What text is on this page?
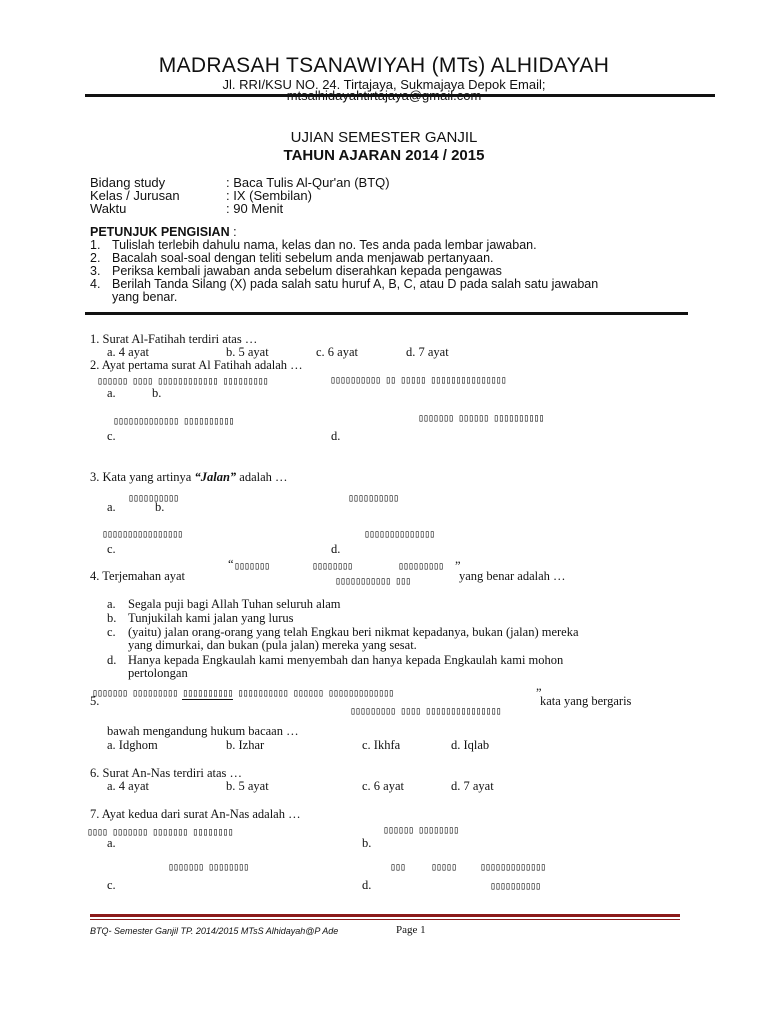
MADRASAH TSANAWIYAH (MTs) ALHIDAYAH
Jl. RRI/KSU NO. 24. Tirtajaya, Sukmajaya Depok Email;
UJIAN SEMESTER GANJIL
TAHUN AJARAN 2014 / 2015
Bidang study	: Baca Tulis Al-Qur'an (BTQ)
Kelas / Jurusan	: IX (Sembilan)
Waktu	: 90 Menit
PETUNJUK PENGISIAN :
1. Tulislah terlebih dahulu nama, kelas dan no. Tes anda pada lembar jawaban.
2. Bacalah soal-soal dengan teliti sebelum anda menjawab pertanyaan.
3. Periksa kembali jawaban anda sebelum diserahkan kepada pengawas
4. Berilah Tanda Silang (X) pada salah satu huruf A, B, C, atau D pada salah satu jawaban
yang benar.
1. Surat Al-Fatihah terdiri atas …
a. 4 ayat	b. 5 ayat	c. 6 ayat	d. 7 ayat
2. Ayat pertama surat Al Fatihah adalah …
▯▯▯▯▯▯ ▯▯▯▯ ▯▯▯▯▯▯▯▯▯▯▯▯ ▯▯▯▯▯▯▯▯▯	▯▯▯▯▯▯▯▯▯▯ ▯▯ ▯▯▯▯▯ ▯▯▯▯▯▯▯▯▯▯▯▯▯▯▯
a.	b.
▯▯▯▯▯▯▯▯▯▯▯▯▯ ▯▯▯▯▯▯▯▯▯▯	▯▯▯▯▯▯▯ ▯▯▯▯▯▯ ▯▯▯▯▯▯▯▯▯▯
c.	d.
3. Kata yang artinya “Jalan” adalah …
▯▯▯▯▯▯▯▯▯▯	▯▯▯▯▯▯▯▯▯▯
a.	b.
▯▯▯▯▯▯▯▯▯▯▯▯▯▯▯▯	▯▯▯▯▯▯▯▯▯▯▯▯▯▯
c.	d.
4. Terjemahan ayat
“ ▯▯▯▯▯▯▯	▯▯▯▯▯▯▯▯	▯▯▯▯▯▯▯▯▯ ”
▯▯▯▯▯▯▯▯▯▯▯ ▯▯▯	yang benar adalah …
a. Segala puji bagi Allah Tuhan seluruh alam
b. Tunjukilah kami jalan yang lurus
c. (yaitu) jalan orang-orang yang telah Engkau beri nikmat kepadanya, bukan (jalan) mereka
yang dimurkai, dan bukan (pula jalan) mereka yang sesat.
d. Hanya kepada Engkaulah kami menyembah dan hanya kepada Engkaulah kami mohon
pertolongan
▯▯▯▯▯▯▯ ▯▯▯▯▯▯▯▯▯ ▯▯▯▯▯▯▯▯▯▯ ▯▯▯▯▯▯▯▯▯▯ ▯▯▯▯▯▯ ▯▯▯▯▯▯▯▯▯▯▯▯▯	”
5.	kata yang bergaris
▯▯▯▯▯▯▯▯▯ ▯▯▯▯ ▯▯▯▯▯▯▯▯▯▯▯▯▯▯▯
bawah mengandung hukum bacaan …
a. Idghom	b. Izhar	c. Ikhfa	d. Iqlab
6. Surat An-Nas terdiri atas …
a. 4 ayat	b. 5 ayat	c. 6 ayat	d. 7 ayat
7. Ayat kedua dari surat An-Nas adalah …
▯▯▯▯ ▯▯▯▯▯▯▯ ▯▯▯▯▯▯▯ ▯▯▯▯▯▯▯▯	▯▯▯▯▯▯ ▯▯▯▯▯▯▯▯
a.	b.
▯▯▯▯▯▯▯ ▯▯▯▯▯▯▯▯	▯▯▯	▯▯▯▯▯ ▯▯▯▯▯▯▯▯▯▯▯▯▯
c.	d.	▯▯▯▯▯▯▯▯▯▯
BTQ- Semester Ganjil TP. 2014/2015 MTsS Alhidayah@P Ade	Page 1
